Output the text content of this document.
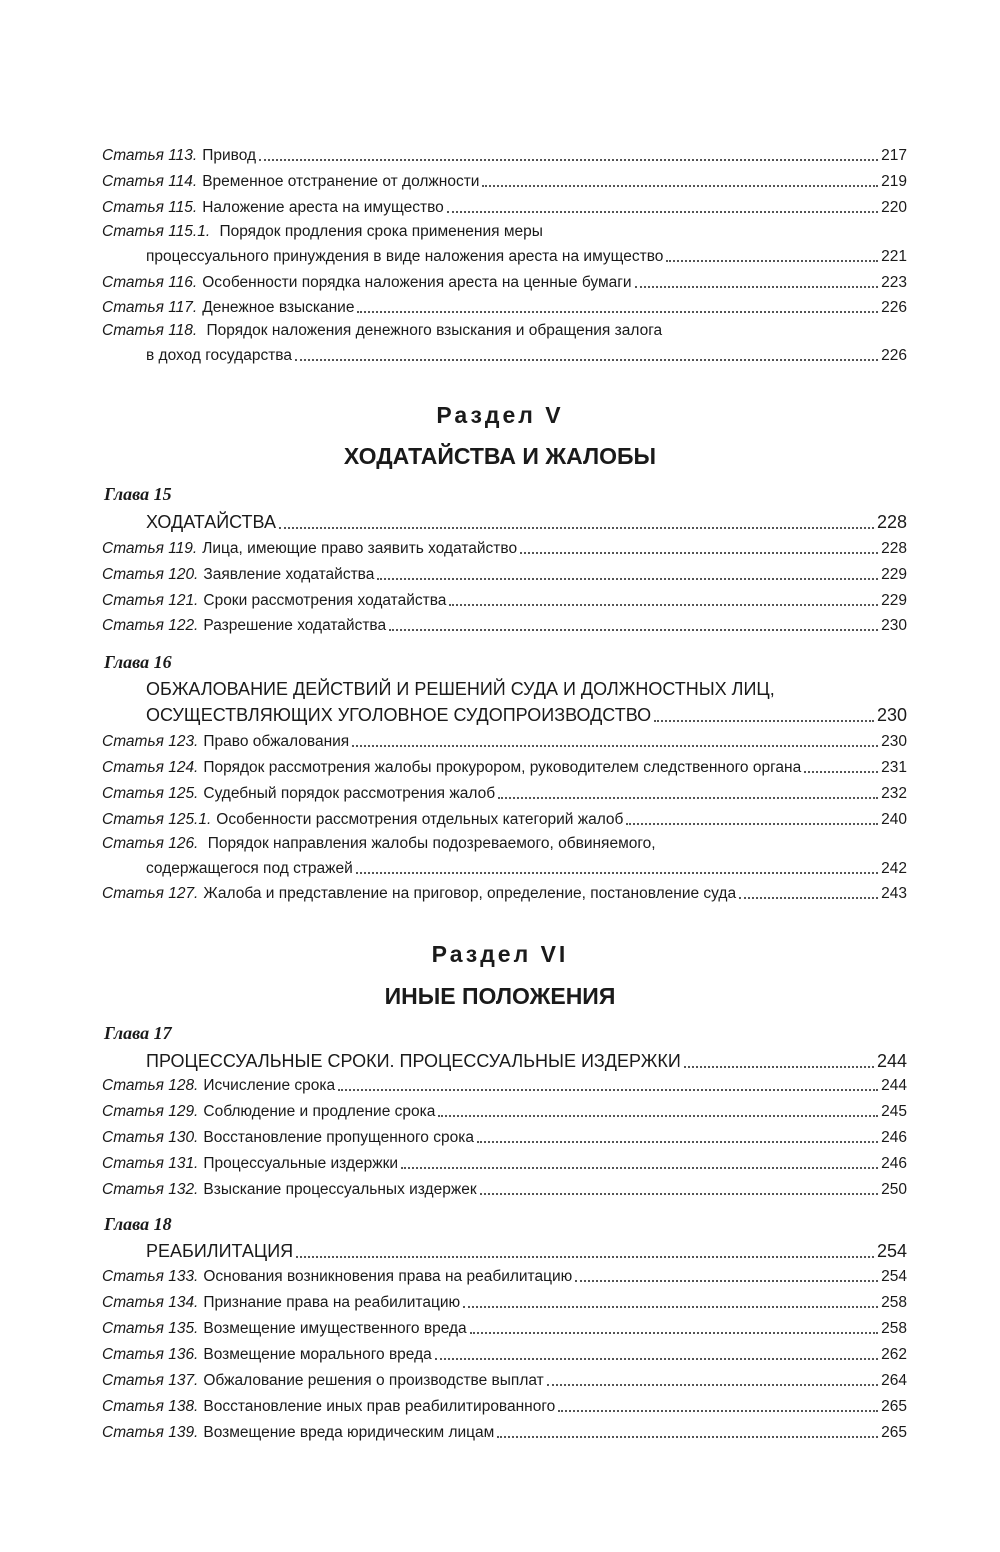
Статья 113. Привод	217
Статья 114. Временное отстранение от должности	219
Статья 115. Наложение ареста на имущество	220
Статья 115.1. Порядок продления срока применения меры
процессуального принуждения в виде наложения ареста на имущество	221
Статья 116. Особенности порядка наложения ареста на ценные бумаги	223
Статья 117. Денежное взыскание	226
Статья 118. Порядок наложения денежного взыскания и обращения залога
в доход государства	226
Раздел V
ХОДАТАЙСТВА И ЖАЛОБЫ
Глава 15
ХОДАТАЙСТВА	228
Статья 119. Лица, имеющие право заявить ходатайство	228
Статья 120. Заявление ходатайства	229
Статья 121. Сроки рассмотрения ходатайства	229
Статья 122. Разрешение ходатайства	230
Глава 16
ОБЖАЛОВАНИЕ ДЕЙСТВИЙ И РЕШЕНИЙ СУДА И ДОЛЖНОСТНЫХ ЛИЦ,
ОСУЩЕСТВЛЯЮЩИХ УГОЛОВНОЕ СУДОПРОИЗВОДСТВО	230
Статья 123. Право обжалования	230
Статья 124. Порядок рассмотрения жалобы прокурором, руководителем следственного органа	231
Статья 125. Судебный порядок рассмотрения жалоб	232
Статья 125.1. Особенности рассмотрения отдельных категорий жалоб	240
Статья 126. Порядок направления жалобы подозреваемого, обвиняемого,
содержащегося под стражей	242
Статья 127. Жалоба и представление на приговор, определение, постановление суда	243
Раздел VI
ИНЫЕ ПОЛОЖЕНИЯ
Глава 17
ПРОЦЕССУАЛЬНЫЕ СРОКИ. ПРОЦЕССУАЛЬНЫЕ ИЗДЕРЖКИ	244
Статья 128. Исчисление срока	244
Статья 129. Соблюдение и продление срока	245
Статья 130. Восстановление пропущенного срока	246
Статья 131. Процессуальные издержки	246
Статья 132. Взыскание процессуальных издержек	250
Глава 18
РЕАБИЛИТАЦИЯ	254
Статья 133. Основания возникновения права на реабилитацию	254
Статья 134. Признание права на реабилитацию	258
Статья 135. Возмещение имущественного вреда	258
Статья 136. Возмещение морального вреда	262
Статья 137. Обжалование решения о производстве выплат	264
Статья 138. Восстановление иных прав реабилитированного	265
Статья 139. Возмещение вреда юридическим лицам	265
